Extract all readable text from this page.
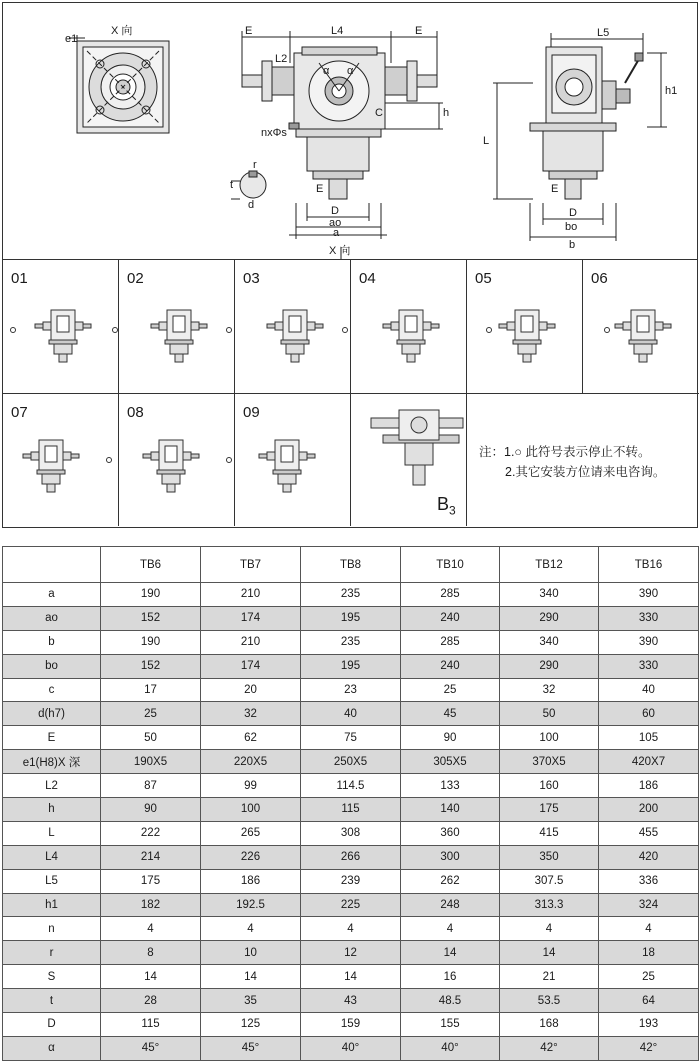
e1
X 向	E	L4	E
L2
α α
C	h
nxΦs
r
t
d
E
D
ao
a
X 向
L5
h1
L
E
D
bo
b
01	02	03	04	05	06
07	08	09
$B_3$
注：1.○ 此符号表示停止不转。
2.其它安装方位请来电咨询。
	TB6	TB7	TB8	TB10	TB12	TB16
a	190	210	235	285	340	390
ao	152	174	195	240	290	330
b	190	210	235	285	340	390
bo	152	174	195	240	290	330
c	17	20	23	25	32	40
d(h7)	25	32	40	45	50	60
E	50	62	75	90	100	105
e1(H8)X 深	190X5	220X5	250X5	305X5	370X5	420X7
L2	87	99	114.5	133	160	186
h	90	100	115	140	175	200
L	222	265	308	360	415	455
L4	214	226	266	300	350	420
L5	175	186	239	262	307.5	336
h1	182	192.5	225	248	313.3	324
n	4	4	4	4	4	4
r	8	10	12	14	14	18
S	14	14	14	16	21	25
t	28	35	43	48.5	53.5	64
D	115	125	159	155	168	193
α	45°	45°	40°	40°	42°	42°
